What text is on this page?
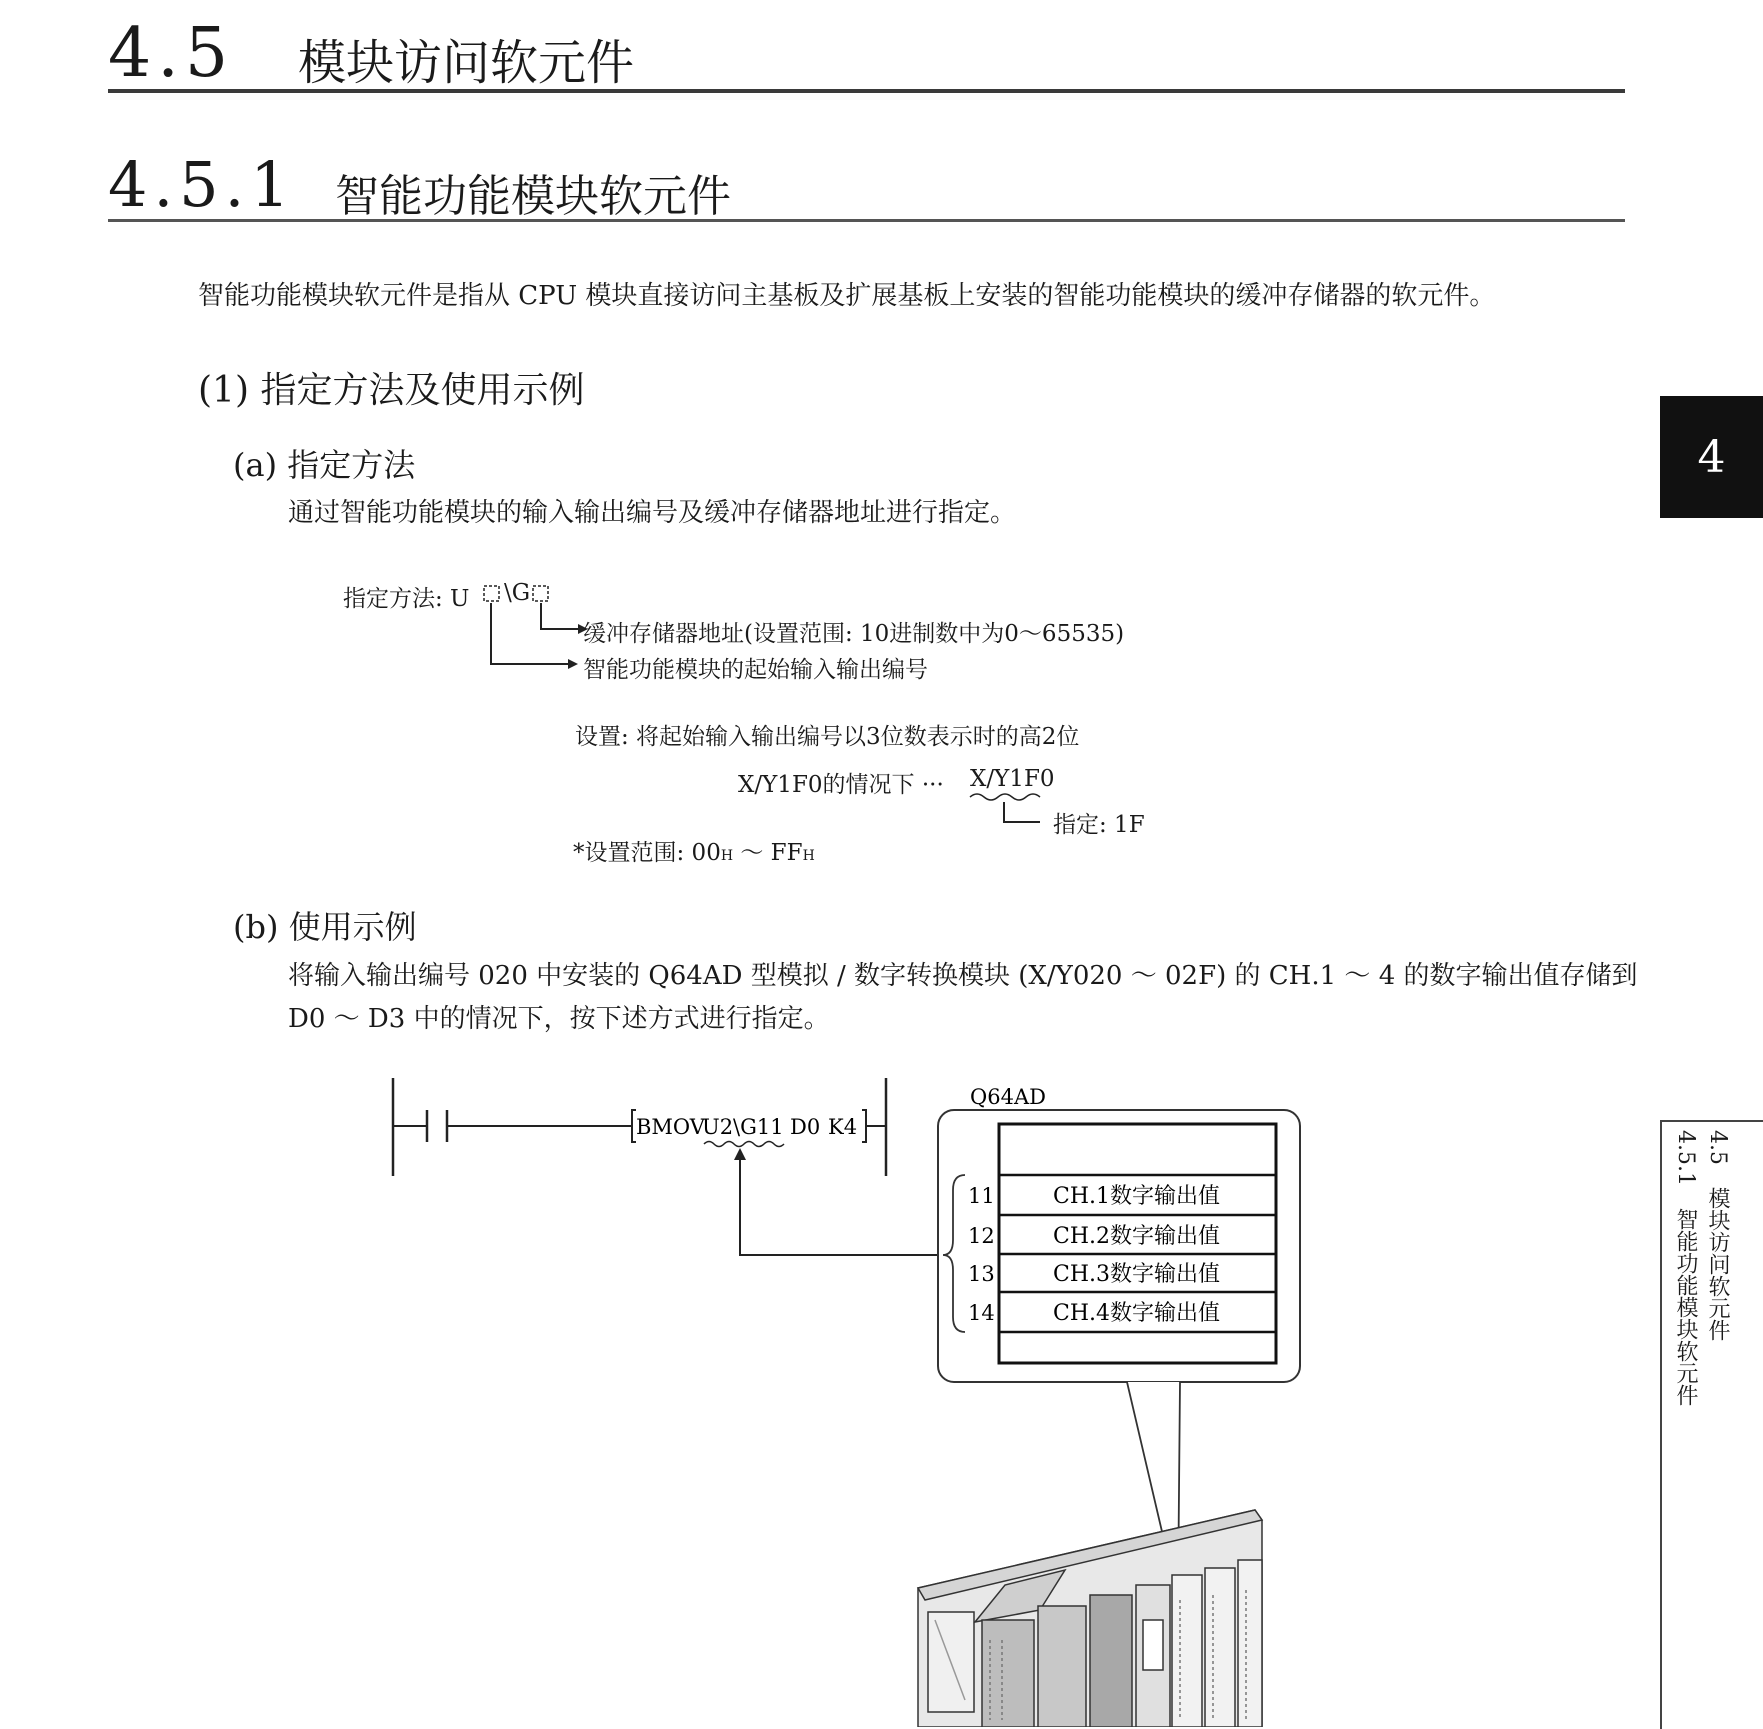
4.5 模块访问软元件
4.5.1 智能功能模块软元件
智能功能模块软元件是指从 CPU 模块直接访问主基板及扩展基板上安装的智能功能模块的缓冲存储器的软元件。
(1) 指定方法及使用示例
(a) 指定方法
通过智能功能模块的输入输出编号及缓冲存储器地址进行指定。
指定方法: U \G
缓冲存储器地址(设置范围: 10进制数中为0～65535)
智能功能模块的起始输入输出编号
设置: 将起始输入输出编号以3位数表示时的高2位
X/Y1F0的情况下 ··· X/Y1F0
指定: 1F
*设置范围: 00H ～ FFH
(b) 使用示例
将输入输出编号 020 中安装的 Q64AD 型模拟 / 数字转换模块 (X/Y020 ～ 02F) 的 CH.1 ～ 4 的数字输出值存储到
D0 ～ D3 中的情况下，按下述方式进行指定。
BMOV
U2\G11 D0 K4
Q64AD
11	CH.1数字输出值
12	CH.2数字输出值
13	CH.3数字输出值
14	CH.4数字输出值
4
4.5　模块访问软元件
4.5.1　智能功能模块软元件
